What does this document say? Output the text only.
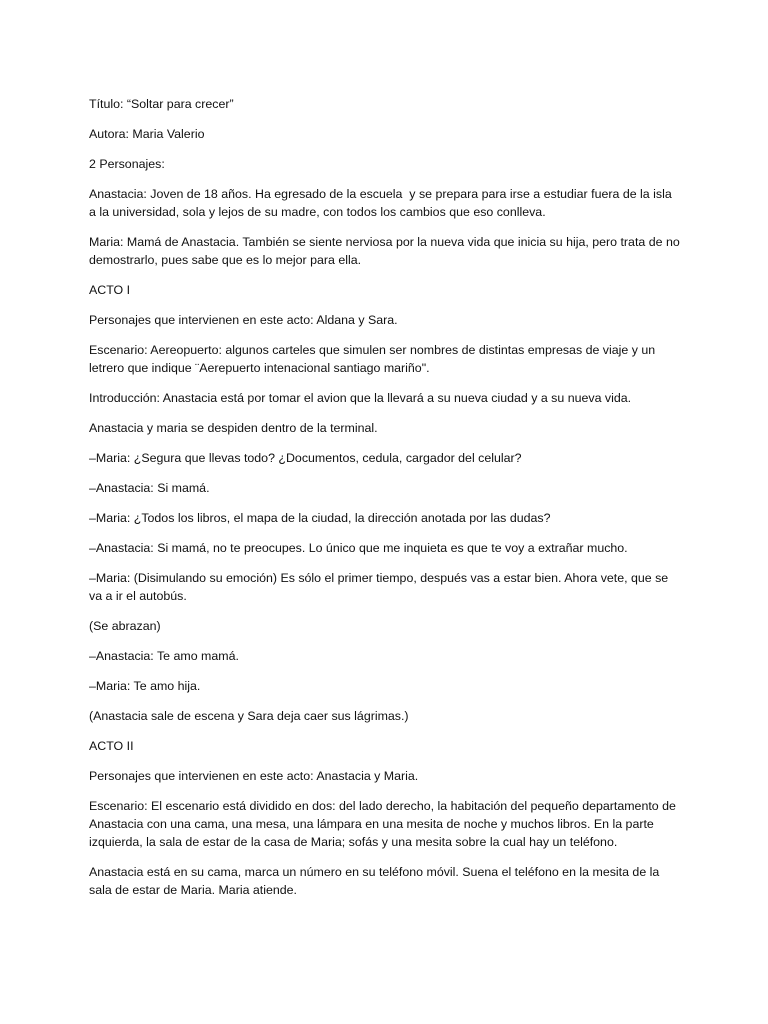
Título: “Soltar para crecer”

Autora: Maria Valerio

2 Personajes:

Anastacia: Joven de 18 años. Ha egresado de la escuela  y se prepara para irse a estudiar fuera de la isla a la universidad, sola y lejos de su madre, con todos los cambios que eso conlleva.

Maria: Mamá de Anastacia. También se siente nerviosa por la nueva vida que inicia su hija, pero trata de no demostrarlo, pues sabe que es lo mejor para ella.

ACTO I

Personajes que intervienen en este acto: Aldana y Sara.

Escenario: Aereopuerto: algunos carteles que simulen ser nombres de distintas empresas de viaje y un letrero que indique ¨Aerepuerto intenacional santiago mariño".

Introducción: Anastacia está por tomar el avion que la llevará a su nueva ciudad y a su nueva vida.

Anastacia y maria se despiden dentro de la terminal.

–Maria: ¿Segura que llevas todo? ¿Documentos, cedula, cargador del celular?

–Anastacia: Si mamá.

–Maria: ¿Todos los libros, el mapa de la ciudad, la dirección anotada por las dudas?

–Anastacia: Si mamá, no te preocupes. Lo único que me inquieta es que te voy a extrañar mucho.

–Maria: (Disimulando su emoción) Es sólo el primer tiempo, después vas a estar bien. Ahora vete, que se va a ir el autobús.

(Se abrazan)

–Anastacia: Te amo mamá.

–Maria: Te amo hija.

(Anastacia sale de escena y Sara deja caer sus lágrimas.)

ACTO II

Personajes que intervienen en este acto: Anastacia y Maria.

Escenario: El escenario está dividido en dos: del lado derecho, la habitación del pequeño departamento de Anastacia con una cama, una mesa, una lámpara en una mesita de noche y muchos libros. En la parte izquierda, la sala de estar de la casa de Maria; sofás y una mesita sobre la cual hay un teléfono.

Anastacia está en su cama, marca un número en su teléfono móvil. Suena el teléfono en la mesita de la sala de estar de Maria. Maria atiende.
